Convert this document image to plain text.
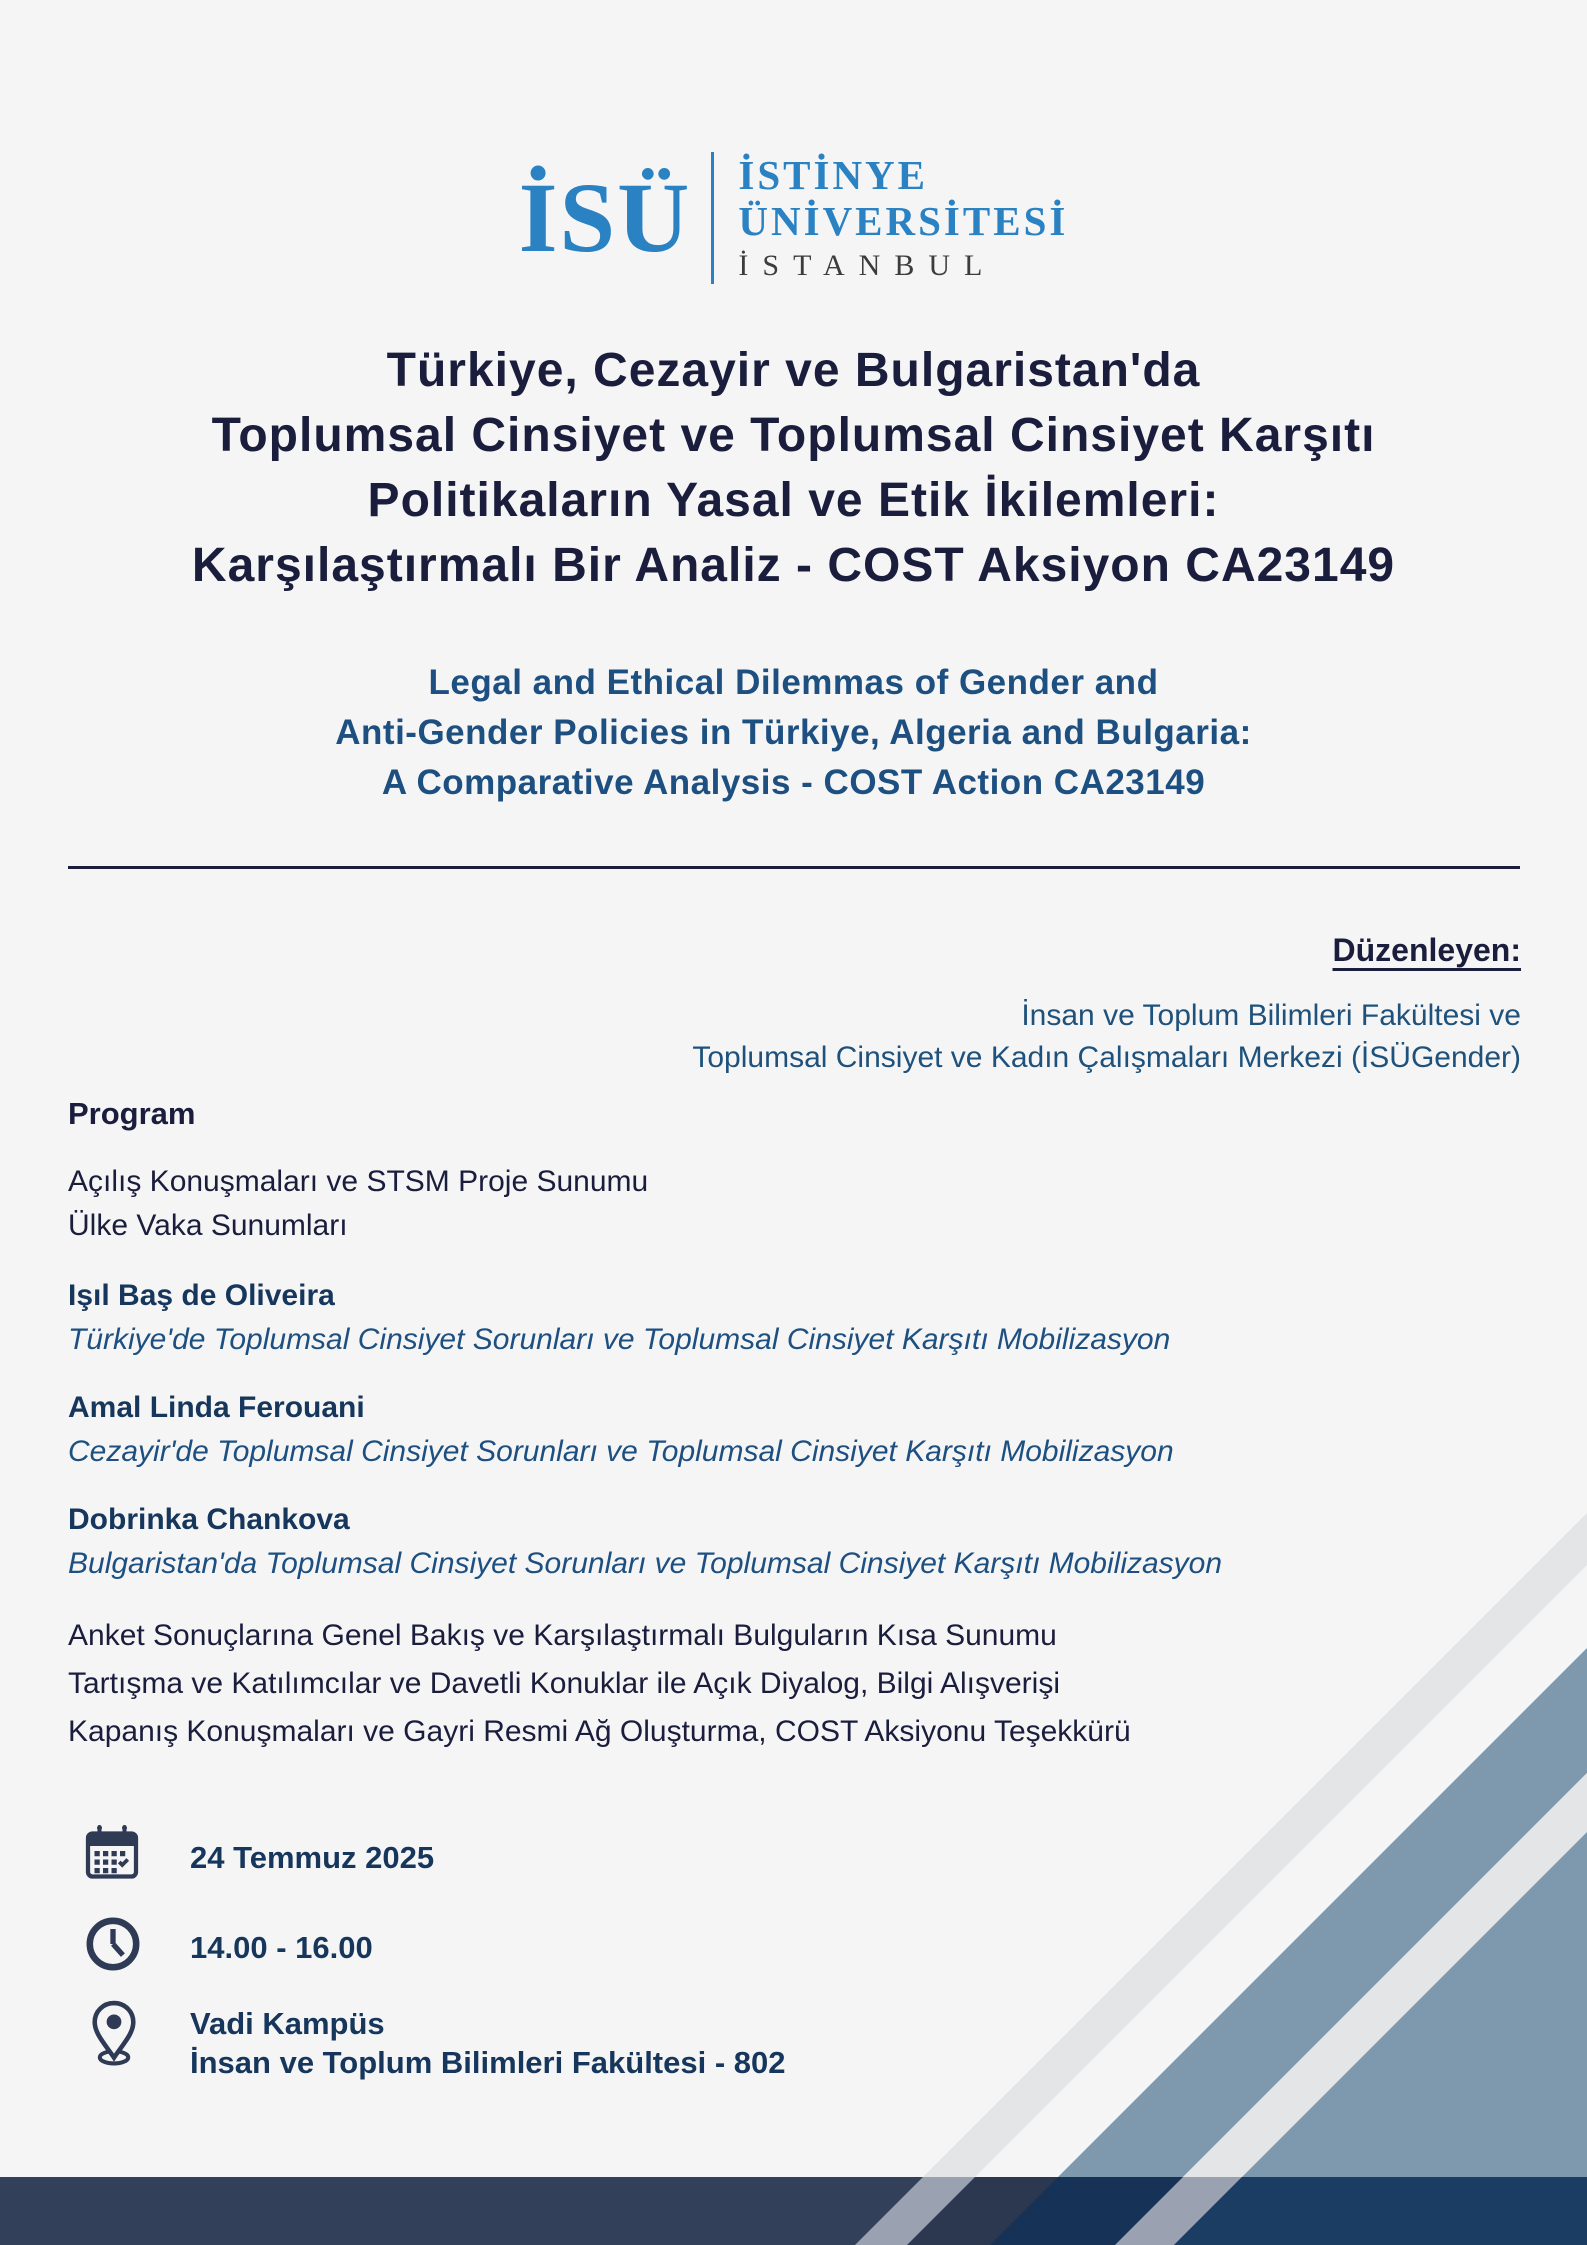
İSÜ İSTİNYE
ÜNİVERSİTESİ
İSTANBUL
Türkiye, Cezayir ve Bulgaristan'da
Toplumsal Cinsiyet ve Toplumsal Cinsiyet Karşıtı
Politikaların Yasal ve Etik İkilemleri:
Karşılaştırmalı Bir Analiz - COST Aksiyon CA23149
Legal and Ethical Dilemmas of Gender and
Anti-Gender Policies in Türkiye, Algeria and Bulgaria:
A Comparative Analysis - COST Action CA23149
Düzenleyen:
İnsan ve Toplum Bilimleri Fakültesi ve
Toplumsal Cinsiyet ve Kadın Çalışmaları Merkezi (İSÜGender)
Program
Açılış Konuşmaları ve STSM Proje Sunumu
Ülke Vaka Sunumları
Işıl Baş de Oliveira
Türkiye'de Toplumsal Cinsiyet Sorunları ve Toplumsal Cinsiyet Karşıtı Mobilizasyon
Amal Linda Ferouani
Cezayir'de Toplumsal Cinsiyet Sorunları ve Toplumsal Cinsiyet Karşıtı Mobilizasyon
Dobrinka Chankova
Bulgaristan'da Toplumsal Cinsiyet Sorunları ve Toplumsal Cinsiyet Karşıtı Mobilizasyon
Anket Sonuçlarına Genel Bakış ve Karşılaştırmalı Bulguların Kısa Sunumu
Tartışma ve Katılımcılar ve Davetli Konuklar ile Açık Diyalog, Bilgi Alışverişi
Kapanış Konuşmaları ve Gayri Resmi Ağ Oluşturma, COST Aksiyonu Teşekkürü
24 Temmuz 2025
14.00 - 16.00
Vadi Kampüs
İnsan ve Toplum Bilimleri Fakültesi - 802
